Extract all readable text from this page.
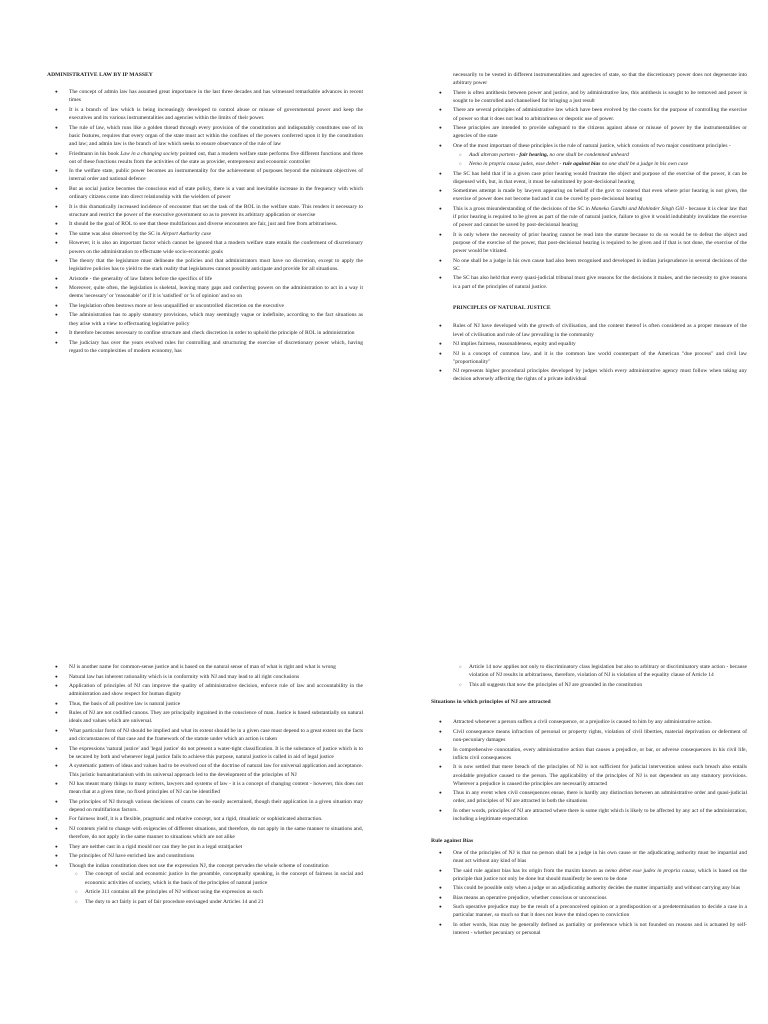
ADMINISTRATIVE LAW BY IP MASSEY
● The concept of admin law has assumed great importance in the last three decades and has witnessed remarkable advances in recent times
● It is a branch of law which is being increasingly developed to control abuse or misuse of governmental power and keep the executives and its various instrumentalities and agencies within the limits of their power.
● The rule of law, which runs like a golden thread through every provision of the constitution and indisputably constitutes one of its basic features, requires that every organ of the state must act within the confines of the powers conferred upon it by the constitution and law; and admin law is the branch of law which seeks to ensure observance of the rule of law
● Friedmann in his book Law in a changing society pointed out, that a modern welfare state performs five different functions and three out of these functions results from the activities of the state as provider, entrepreneur and economic controller
● In the welfare state, public power becomes an instrumentality for the achievement of purposes beyond the minimum objectives of internal order and national defence
● But as social justice becomes the conscious end of state policy, there is a vast and inevitable increase in the frequency with which ordinary citizens come into direct relationship with the wielders of power
● It is this dramatically increased incidence of encounter that set the task of the ROL in the welfare state. This renders it necessary to structure and restrict the power of the executive government so as to prevent its arbitrary application or exercise
● It should be the goal of ROL to see that these multifarious and diverse encounters are fair, just and free from arbitrariness.
● The same was also observed by the SC in Airport Authority case
● However, it is also an important factor which cannot be ignored that a modern welfare state entails the conferment of discretionary powers on the administration to effectuate wide socio-economic goals
● The theory that the legislature must delineate the policies and that administrators must have no discretion, except to apply the legislative policies has to yield to the stark reality that legislatures cannot possibly anticipate and provide for all situations.
● Aristotle - the generality of law falters before the specifics of life
● Moreover, quite often, the legislation is skeletal, leaving many gaps and conferring powers on the administration to act in a way it deems 'necessary' or 'reasonable' or if it is 'satisfied' or 'is of opinion' and so on
● The legislation often bestows more or less unqualified or uncontrolled discretion on the executive
● The administration has to apply statutory provisions, which may seemingly vague or indefinite, according to the fact situations as they arise with a view to effectuating legislative policy
● It therefore becomes necessary to confine structure and check discretion in order to uphold the principle of ROL in administration
● The judiciary has over the years evolved rules for controlling and structuring the exercise of discretionary power which, having regard to the complexities of modern economy, has
necessarily to be vested in different instrumentalities and agencies of state, so that the discretionary power does not degenerate into arbitrary power
● There is often antithesis between power and justice, and by administrative law, this antithesis is sought to be removed and power is sought to be controlled and channelised for bringing a just result
● There are several principles of administrative law which have been evolved by the courts for the purpose of controlling the exercise of power so that it does not lead to arbitrariness or despotic use of power.
● These principles are intended to provide safeguard to the citizens against abuse or misuse of power by the instrumentalities or agencies of the state
● One of the most important of these principles is the rule of natural justice, which consists of two major constituent principles -
○ Audi alteram partem - fair hearing, no one shall be condemned unheard
○ Nemo in propria causa judex, esse debet - rule against bias no one shall be a judge in his own case
● The SC has held that if in a given case prior hearing would frustrate the object and purpose of the exercise of the power, it can be dispensed with, but, in that event, it must be substituted by post-decisional hearing
● Sometimes attempt is made by lawyers appearing on behalf of the govt to contend that even where prior hearing is not given, the exercise of power does not become bad and it can be cured by post-decisional hearing
● This is a gross misunderstanding of the decisions of the SC in Maneka Gandhi and Mohinder Singh Gill - because it is clear law that if prior hearing is required to be given as part of the rule of natural justice, failure to give it would indubitably invalidate the exercise of power and cannot be saved by post-decisional hearing
● It is only where the necessity of prior hearing cannot be read into the statute because to do so would be to defeat the object and purpose of the exercise of the power, that post-decisional hearing is required to be given and if that is not done, the exercise of the power would be vitiated.
● No one shall be a judge in his own cause had also been recognised and developed in indian jurisprudence in several decisions of the SC
● The SC has also held that every quasi-judicial tribunal must give reasons for the decisions it makes, and the necessity to give reasons is a part of the principles of natural justice.
PRINCIPLES OF NATURAL JUSTICE
● Rules of NJ have developed with the growth of civilisation, and the content thereof is often considered as a proper measure of the level of civilisation and rule of law prevailing in the community
● NJ implies fairness, reasonableness, equity and equality
● NJ is a concept of common law, and it is the common law world counterpart of the American "due process" and civil law "proportionality"
● NJ represents higher procedural principles developed by judges which every administrative agency must follow when taking any decision adversely affecting the rights of a private individual
● NJ is another name for common-sense justice and is based on the natural sense of man of what is right and what is wrong
● Natural law has inherent rationality which is in conformity with NJ and may lead to all right conclusions
● Application of principles of NJ can improve the quality of administrative decision, enforce rule of law and accountability in the administration and show respect for human dignity
● Thus, the basis of all positive law is natural justice
● Rules of NJ are not codified canons. They are principally ingrained in the conscience of man. Justice is based substantially on natural ideals and values which are universal.
● What particular form of NJ should be implied and what its extent should be in a given case must depend to a great extent on the facts and circumstances of that case and the framework of the statute under which an action is taken
● The expressions 'natural justice' and 'legal justice' do not present a water-tight classification. It is the substance of justice which is to be secured by both and whenever legal justice fails to achieve this purpose, natural justice is called in aid of legal justice
● A systematic pattern of ideas and values had to be evolved out of the doctrine of natural law for universal application and acceptance. This juristic humanitarianism with its universal approach led to the development of the principles of NJ
● NJ has meant many things to many writers, lawyers and systems of law - it is a concept of changing content - however, this does not mean that at a given time, no fixed principles of NJ can be identified
● The principles of NJ through various decisions of courts can be easily ascertained, though their application in a given situation may depend on multifarious factors.
● For fairness itself, it is a flexible, pragmatic and relative concept, not a rigid, ritualistic or sophisticated abstraction.
● NJ contents yield to change with exigencies of different situations, and therefore, do not apply in the same manner to situations and, therefore, do not apply in the same manner to situations which are not alike
● They are neither cast in a rigid mould nor can they be put in a legal straitjacket
● The principles of NJ have enriched law and constitutions
● Though the indian constitution does not use the expression NJ, the concept pervades the whole scheme of constitution
○ The concept of social and economic justice in the preamble, conceptually speaking, is the concept of fairness in social and economic activities of society, which is the basis of the principles of natural justice
○ Article 311 contains all the principles of NJ without using the expression as such
○ The duty to act fairly is part of fair procedure envisaged under Articles 14 and 21
○ Article 14 now applies not only to discriminatory class legislation but also to arbitrary or discriminatory state action - because violation of NJ results in arbitrariness, therefore, violation of NJ is violation of the equality clause of Article 14
○ This all suggests that now the principles of NJ are grounded in the constitution
Situations in which principles of NJ are attracted
● Attracted whenever a person suffers a civil consequence, or a prejudice is caused to him by any administrative action.
● Civil consequence means infraction of personal or property rights, violation of civil liberties, material deprivation or deferment of non-pecuniary damages
● In comprehensive connotation, every administrative action that causes a prejudice, or bar, or adverse consequences in his civil life, inflicts civil consequences
● It is now settled that mere breach of the principles of NJ is not sufficient for judicial intervention unless such breach also entails avoidable prejudice caused to the person. The applicability of the principles of NJ is not dependent on any statutory provisions. Wherever a prejudice is caused the principles are necessarily attracted
● Thus in any event when civil consequences ensue, there is hardly any distinction between an administrative order and quasi-judicial order, and principles of NJ are attracted in both the situations
● In other words, principles of NJ are attracted where there is some right which is likely to be affected by any act of the administration, including a legitimate expectation
Rule against Bias
● One of the principles of NJ is that no person shall be a judge in his own cause or the adjudicating authority must be impartial and must act without any kind of bias
● The said rule against bias has its origin from the maxim known as nemo debet esse judex in propria causa, which is based on the principle that justice not only be done but should manifestly be seen to be done
● This could be possible only when a judge or an adjudicating authority decides the matter impartially and without carrying any bias
● Bias means an operative prejudice, whether conscious or unconscious
● Such operative prejudice may be the result of a preconceived opinion or a predisposition or a predetermination to decide a case in a particular manner, so much so that it does not leave the mind open to conviction
● In other words, bias may be generally defined as partiality or preference which is not founded on reasons and is actuated by self-interest - whether pecuniary or personal
